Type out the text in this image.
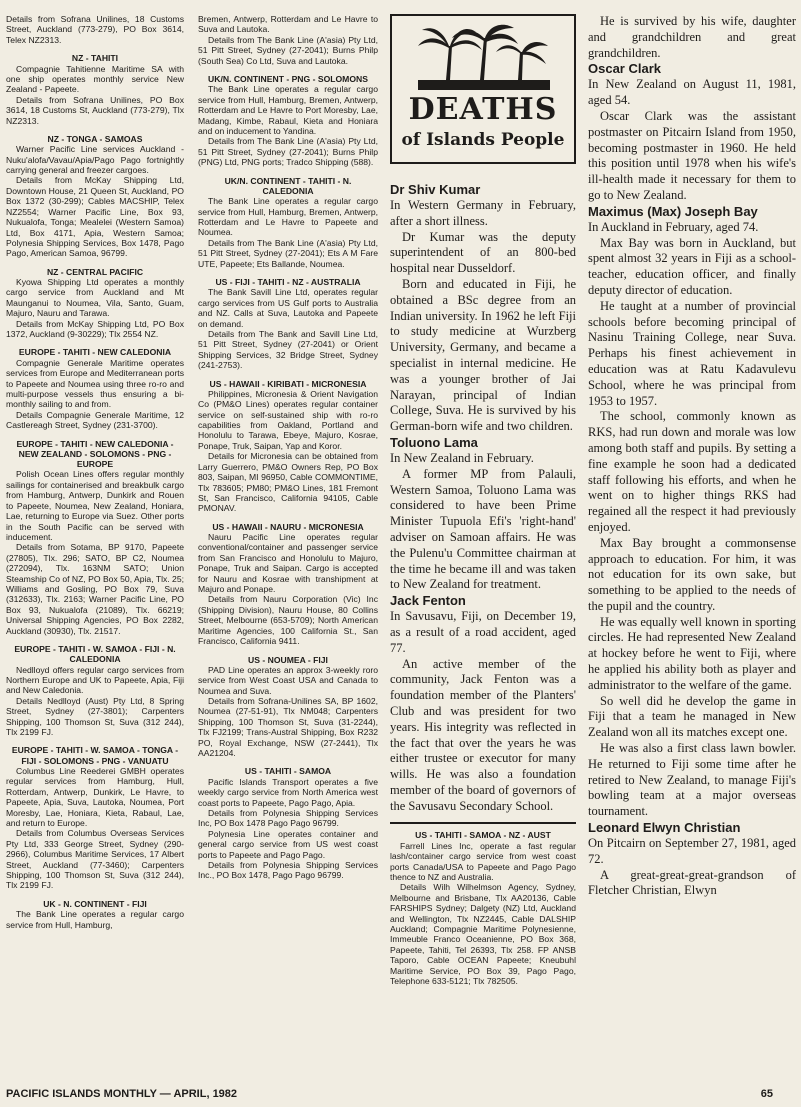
Details from Sofrana Unilines, 18 Customs Street, Auckland (773-279), PO Box 3614, Telex NZ2313.
NZ - TAHITI
Compagnie Tahitienne Maritime SA with one ship operates monthly service New Zealand - Papeete.
Details from Sofrana Unilines, PO Box 3614, 18 Customs St, Auckland (773-279), Tlx NZ2313.
NZ - TONGA - SAMOAS
Warner Pacific Line services Auckland - Nuku'alofa/Vavau/Apia/Pago Pago fortnightly carrying general and freezer cargoes.
Details from McKay Shipping Ltd, Downtown House, 21 Queen St, Auckland, PO Box 1372 (30-299); Cables MACSHIP, Telex NZ2554; Warner Pacific Line, Box 93, Nukualofa, Tonga; Mealelei (Western Samoa) Ltd, Box 4171, Apia, Western Samoa; Polynesia Shipping Services, Box 1478, Pago Pago, American Samoa, 96799.
NZ - CENTRAL PACIFIC
Kyowa Shipping Ltd operates a monthly cargo service from Auckland and Mt Maunganui to Noumea, Vila, Santo, Guam, Majuro, Nauru and Tarawa.
Details from McKay Shipping Ltd, PO Box 1372, Auckland (9-30229); Tlx 2554 NZ.
EUROPE - TAHITI - NEW CALEDONIA
Compagnie Generale Maritime operates services from Europe and Mediterranean ports to Papeete and Noumea using three ro-ro and multi-purpose vessels thus ensuring a bi-monthly sailing to and from.
Details Compagnie Generale Maritime, 12 Castlereagh Street, Sydney (231-3700).
EUROPE - TAHITI - NEW CALEDONIA - NEW ZEALAND - SOLOMONS - PNG - EUROPE
Polish Ocean Lines offers regular monthly sailings for containerised and breakbulk cargo from Hamburg, Antwerp, Dunkirk and Rouen to Papeete, Noumea, New Zealand, Honiara, Lae, returning to Europe via Suez. Other ports in the South Pacific can be served with inducement.
Details from Sotama, BP 9170, Papeete (27805), Tlx. 296; SATO, BP C2, Noumea (272094), Tlx. 163NM SATO; Union Steamship Co of NZ, PO Box 50, Apia, Tlx. 25; Williams and Gosling, PO Box 79, Suva (312633), Tlx. 2163; Warner Pacific Line, PO Box 93, Nukualofa (21089), Tlx. 66219; Universal Shipping Agencies, PO Box 2282, Auckland (30930), Tlx. 21517.
EUROPE - TAHITI - W. SAMOA - FIJI - N. CALEDONIA
Nedlloyd offers regular cargo services from Northern Europe and UK to Papeete, Apia, Fiji and New Caledonia.
Details Nedlloyd (Aust) Pty Ltd, 8 Spring Street, Sydney (27-3801); Carpenters Shipping, 100 Thomson St, Suva (312 244), Tlx 2199 FJ.
EUROPE - TAHITI - W. SAMOA - TONGA - FIJI - SOLOMONS - PNG - VANUATU
Columbus Line Reederei GMBH operates regular services from Hamburg, Hull, Rotterdam, Antwerp, Dunkirk, Le Havre, to Papeete, Apia, Suva, Lautoka, Noumea, Port Moresby, Lae, Honiara, Kieta, Rabaul, Lae, and return to Europe.
Details from Columbus Overseas Services Pty Ltd, 333 George Street, Sydney (290-2966), Columbus Maritime Services, 17 Albert Street, Auckland (77-3460); Carpenters Shipping, 100 Thomson St, Suva (312 244), Tlx 2199 FJ.
UK - N. CONTINENT - FIJI
The Bank Line operates a regular cargo service from Hull, Hamburg,
Bremen, Antwerp, Rotterdam and Le Havre to Suva and Lautoka.
Details from The Bank Line (A'asia) Pty Ltd, 51 Pitt Street, Sydney (27-2041); Burns Philp (South Sea) Co Ltd, Suva and Lautoka.
UK/N. CONTINENT - PNG - SOLOMONS
The Bank Line operates a regular cargo service from Hull, Hamburg, Bremen, Antwerp, Rotterdam and Le Havre to Port Moresby, Lae, Madang, Kimbe, Rabaul, Kieta and Honiara and on inducement to Yandina.
Details from The Bank Line (A'asia) Pty Ltd, 51 Pitt Street, Sydney (27-2041); Burns Philp (PNG) Ltd, PNG ports; Tradco Shipping (588).
UK/N. CONTINENT - TAHITI - N. CALEDONIA
The Bank Line operates a regular cargo service from Hull, Hamburg, Bremen, Antwerp, Rotterdam and Le Havre to Papeete and Noumea.
Details from The Bank Line (A'asia) Pty Ltd, 51 Pitt Street, Sydney (27-2041); Ets A M Fare UTE, Papeete; Ets Ballande, Noumea.
US - FIJI - TAHITI - NZ - AUSTRALIA
The Bank Savill Line Ltd, operates regular cargo services from US Gulf ports to Australia and NZ. Calls at Suva, Lautoka and Papeete on demand.
Details from The Bank and Savill Line Ltd, 51 Pitt Street, Sydney (27-2041) or Orient Shipping Services, 32 Bridge Street, Sydney (241-2753).
US - HAWAII - KIRIBATI - MICRONESIA
Philippines, Micronesia & Orient Navigation Co (PM&O Lines) operates regular container service on self-sustained ship with ro-ro capabilities from Oakland, Portland and Honolulu to Tarawa, Ebeye, Majuro, Kosrae, Ponape, Truk, Saipan, Yap and Koror.
Details for Micronesia can be obtained from Larry Guerrero, PM&O Owners Rep, PO Box 803, Saipan, MI 96950, Cable COMMONTIME, Tlx 783605; PM80; PM&O Lines, 181 Fremont St, San Francisco, California 94105, Cable PMONAV.
US - HAWAII - NAURU - MICRONESIA
Nauru Pacific Line operates regular conventional/container and passenger service from San Francisco and Honolulu to Majuro, Ponape, Truk and Saipan. Cargo is accepted for Nauru and Kosrae with transhipment at Majuro and Ponape.
Details from Nauru Corporation (Vic) Inc (Shipping Division), Nauru House, 80 Collins Street, Melbourne (653-5709); North American Maritime Agencies, 100 California St., San Francisco, California 9411.
US - NOUMEA - FIJI
PAD Line operates an approx 3-weekly roro service from West Coast USA and Canada to Noumea and Suva.
Details from Sofrana-Unilines SA, BP 1602, Noumea (27-51-91), Tlx NM048; Carpenters Shipping, 100 Thomson St, Suva (31-2244), Tlx FJ2199; Trans-Austral Shipping, Box R232 PO, Royal Exchange, NSW (27-2441), Tlx AA21204.
US - TAHITI - SAMOA
Pacific Islands Transport operates a five weekly cargo service from North America west coast ports to Papeete, Pago Pago, Apia.
Details from Polynesia Shipping Services Inc, PO Box 1478 Pago Pago 96799.
Polynesia Line operates container and general cargo service from US west coast ports to Papeete and Pago Pago.
Details from Polynesia Shipping Services Inc., PO Box 1478, Pago Pago 96799.
DEATHS
of Islands People
Dr Shiv Kumar
In Western Germany in February, after a short illness.
Dr Kumar was the deputy superintendent of an 800-bed hospital near Dusseldorf.
Born and educated in Fiji, he obtained a BSc degree from an Indian university. In 1962 he left Fiji to study medicine at Wurzberg University, Germany, and became a specialist in internal medicine. He was a younger brother of Jai Narayan, principal of Indian College, Suva. He is survived by his German-born wife and two children.
Toluono Lama
In New Zealand in February.
A former MP from Palauli, Western Samoa, Toluono Lama was considered to have been Prime Minister Tupuola Efi's 'right-hand' adviser on Samoan affairs. He was the Pulenu'u Committee chairman at the time he became ill and was taken to New Zealand for treatment.
Jack Fenton
In Savusavu, Fiji, on December 19, as a result of a road accident, aged 77.
An active member of the community, Jack Fenton was a foundation member of the Planters' Club and was president for two years. His integrity was reflected in the fact that over the years he was either trustee or executor for many wills. He was also a foundation member of the board of governors of the Savusavu Secondary School.
US - TAHITI - SAMOA - NZ - AUST
Farrell Lines Inc, operate a fast regular lash/container cargo service from west coast ports Canada/USA to Papeete and Pago Pago thence to NZ and Australia.
Details Wilh Wilhelmson Agency, Sydney, Melbourne and Brisbane, Tlx AA20136, Cable FARSHIPS Sydney; Dalgety (NZ) Ltd, Auckland and Wellington, Tlx NZ2445, Cable DALSHIP Auckland; Compagnie Maritime Polynesienne, Immeuble Franco Oceanienne, PO Box 368, Papeete, Tahiti, Tel 26393, Tlx 258. FP ANSB Taporo, Cable OCEAN Papeete; Kneubuhl Maritime Service, PO Box 39, Pago Pago, Telephone 633-5121; Tlx 782505.
He is survived by his wife, daughter and grandchildren and great grandchildren.
Oscar Clark
In New Zealand on August 11, 1981, aged 54.
Oscar Clark was the assistant postmaster on Pitcairn Island from 1950, becoming postmaster in 1960. He held this position until 1978 when his wife's ill-health made it necessary for them to go to New Zealand.
Maximus (Max) Joseph Bay
In Auckland in February, aged 74.
Max Bay was born in Auckland, but spent almost 32 years in Fiji as a school-teacher, education officer, and finally deputy director of education.
He taught at a number of provincial schools before becoming principal of Nasinu Training College, near Suva. Perhaps his finest achievement in education was at Ratu Kadavulevu School, where he was principal from 1953 to 1957.
The school, commonly known as RKS, had run down and morale was low among both staff and pupils. By setting a fine example he soon had a dedicated staff following his efforts, and when he went on to higher things RKS had regained all the respect it had previously enjoyed.
Max Bay brought a commonsense approach to education. For him, it was not education for its own sake, but something to be applied to the needs of the pupil and the country.
He was equally well known in sporting circles. He had represented New Zealand at hockey before he went to Fiji, where he applied his ability both as player and administrator to the welfare of the game.
So well did he develop the game in Fiji that a team he managed in New Zealand won all its matches except one.
He was also a first class lawn bowler. He returned to Fiji some time after he retired to New Zealand, to manage Fiji's bowling team at a major overseas tournament.
Leonard Elwyn Christian
On Pitcairn on September 27, 1981, aged 72.
A great-great-great-grandson of Fletcher Christian, Elwyn
PACIFIC ISLANDS MONTHLY — APRIL, 1982	65
